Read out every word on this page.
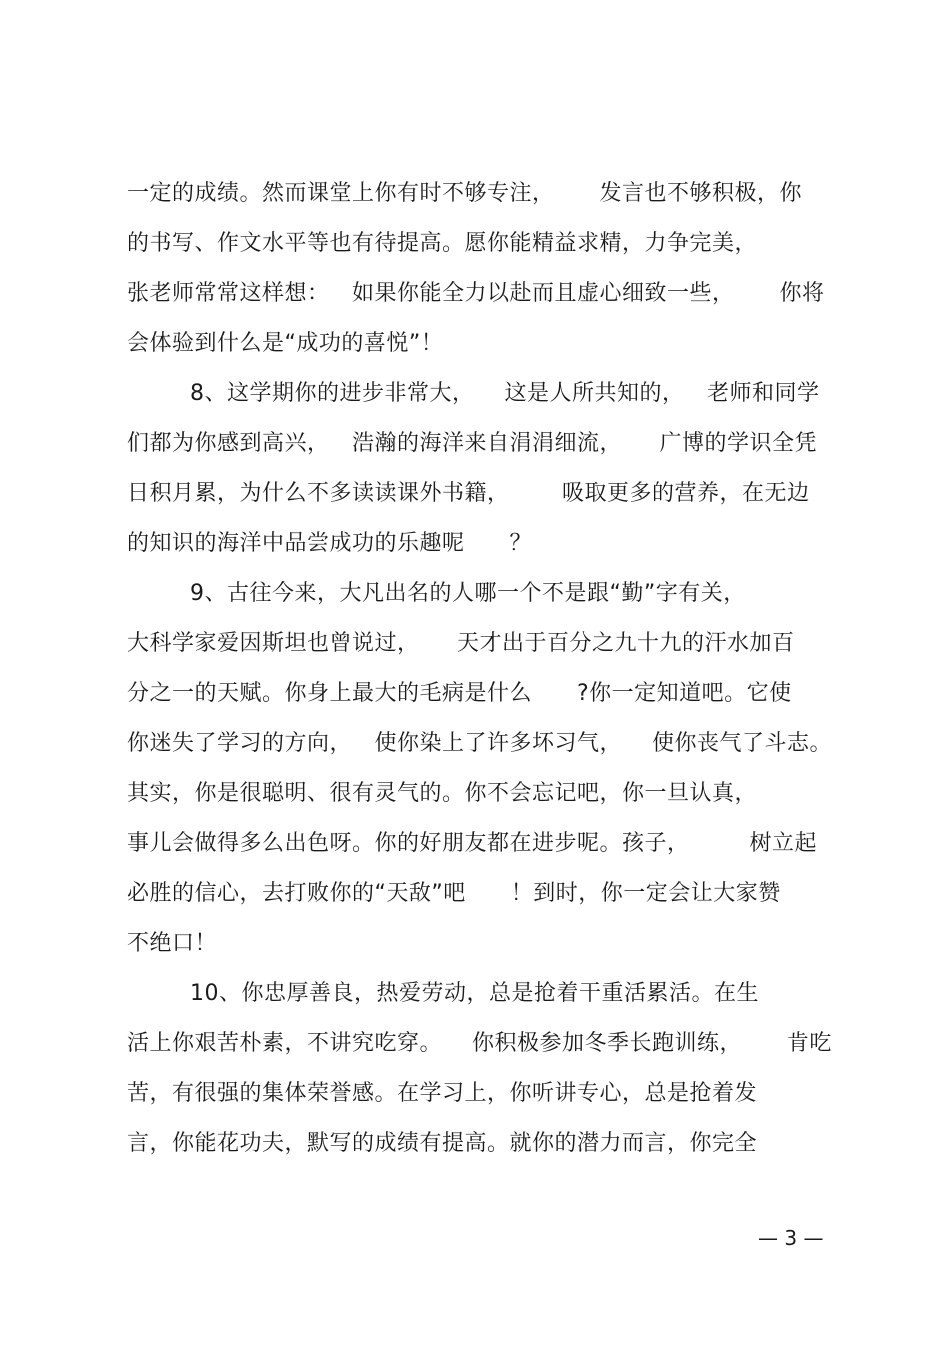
一定的成绩。然而课堂上你有时不够专注，      发言也不够积极，你
的书写、作文水平等也有待提高。愿你能精益求精，力争完美，
张老师常常这样想：   如果你能全力以赴而且虚心细致一些，      你将
会体验到什么是“成功的喜悦”！
8、这学期你的进步非常大，    这是人所共知的，   老师和同学
们都为你感到高兴，   浩瀚的海洋来自涓涓细流，     广博的学识全凭
日积月累，为什么不多读读课外书籍，       吸取更多的营养，在无边
的知识的海洋中品尝成功的乐趣呢      ？
9、古往今来，大凡出名的人哪一个不是跟“勤”字有关，
大科学家爱因斯坦也曾说过，     天才出于百分之九十九的汗水加百
分之一的天赋。你身上最大的毛病是什么      ?你一定知道吧。它使
你迷失了学习的方向，   使你染上了许多坏习气，    使你丧气了斗志。
其实，你是很聪明、很有灵气的。你不会忘记吧，你一旦认真，
事儿会做得多么出色呀。你的好朋友都在进步呢。孩子，        树立起
必胜的信心，去打败你的“天敌”吧      ！到时，你一定会让大家赞
不绝口！
10、你忠厚善良，热爱劳动，总是抢着干重活累活。在生
活上你艰苦朴素，不讲究吃穿。    你积极参加冬季长跑训练，      肯吃
苦，有很强的集体荣誉感。在学习上，你听讲专心，总是抢着发
言，你能花功夫，默写的成绩有提高。就你的潜力而言，你完全
— 3 —
